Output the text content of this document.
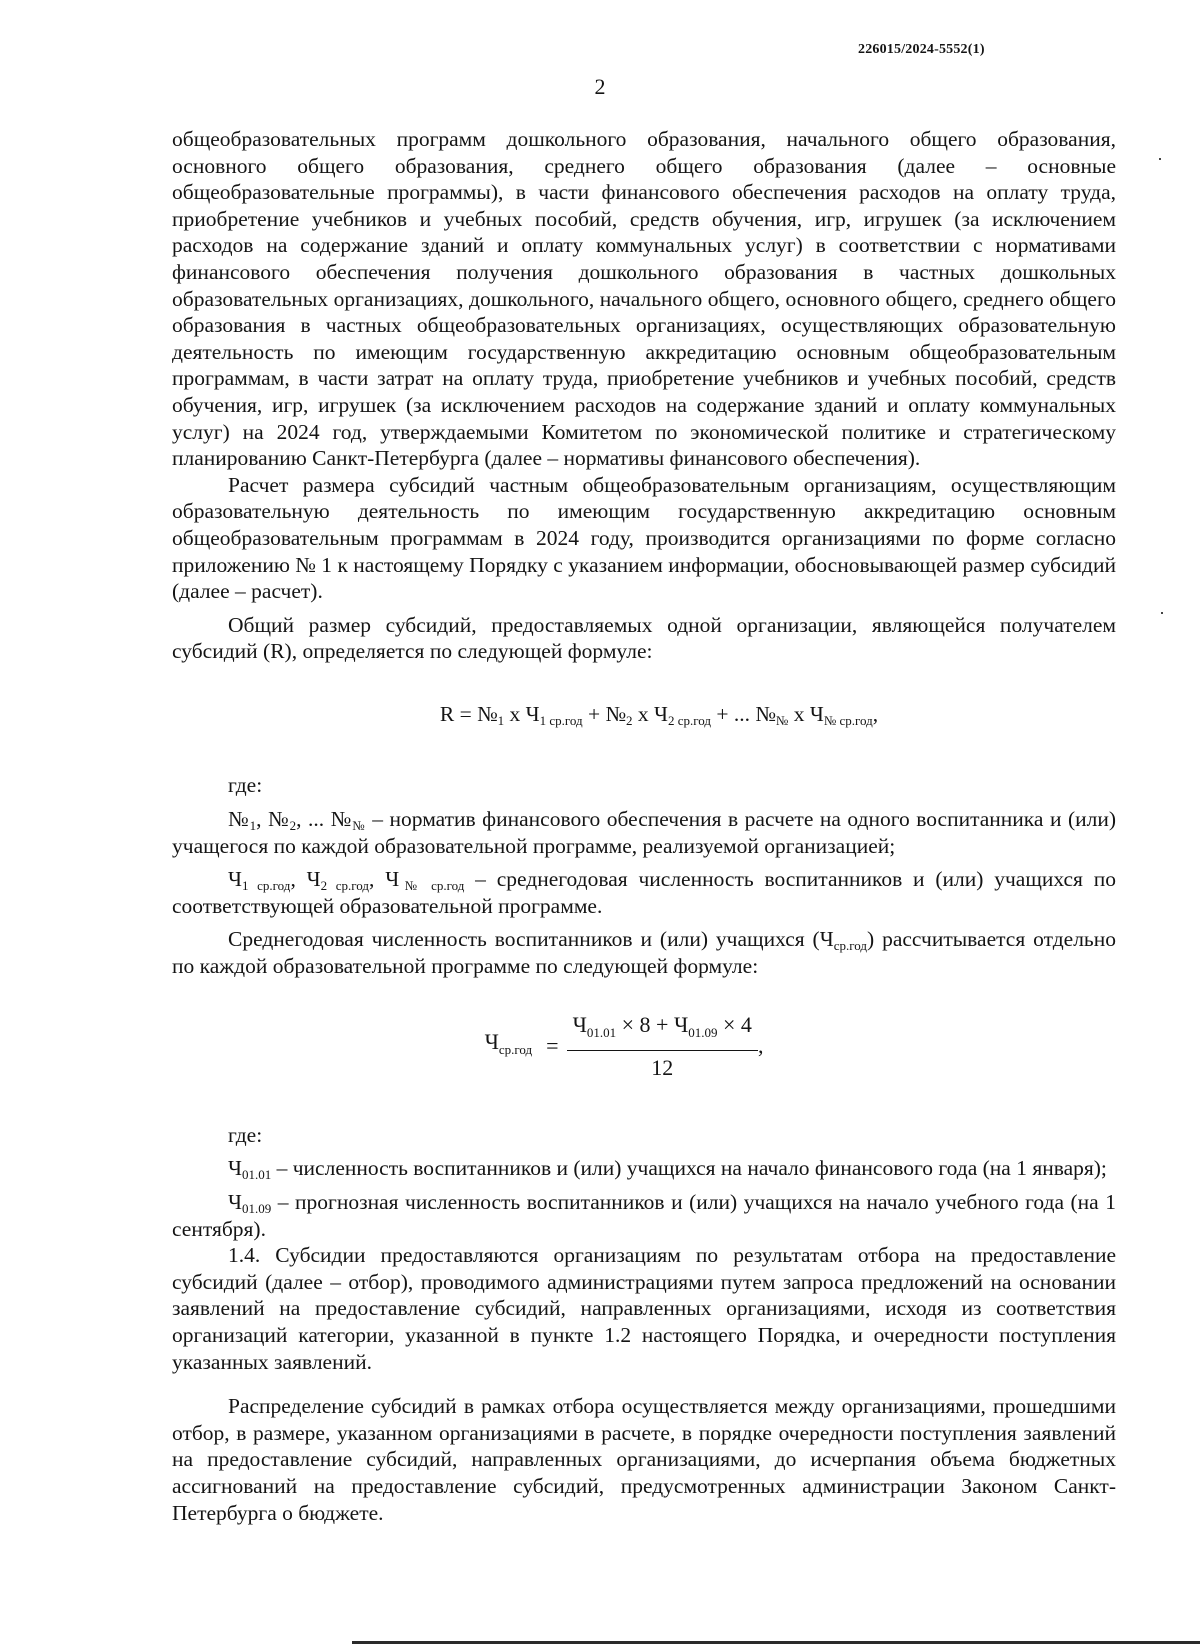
226015/2024-5552(1)
2

общеобразовательных программ дошкольного образования, начального общего образования, основного общего образования, среднего общего образования (далее – основные общеобразовательные программы), в части финансового обеспечения расходов на оплату труда, приобретение учебников и учебных пособий, средств обучения, игр, игрушек (за исключением расходов на содержание зданий и оплату коммунальных услуг) в соответствии с нормативами финансового обеспечения получения дошкольного образования в частных дошкольных образовательных организациях, дошкольного, начального общего, основного общего, среднего общего образования в частных общеобразовательных организациях, осуществляющих образовательную деятельность по имеющим государственную аккредитацию основным общеобразовательным программам, в части затрат на оплату труда, приобретение учебников и учебных пособий, средств обучения, игр, игрушек (за исключением расходов на содержание зданий и оплату коммунальных услуг) на 2024 год, утверждаемыми Комитетом по экономической политике и стратегическому планированию Санкт-Петербурга (далее – нормативы финансового обеспечения).

Расчет размера субсидий частным общеобразовательным организациям, осуществляющим образовательную деятельность по имеющим государственную аккредитацию основным общеобразовательным программам в 2024 году, производится организациями по форме согласно приложению № 1 к настоящему Порядку с указанием информации, обосновывающей размер субсидий (далее – расчет).

Общий размер субсидий, предоставляемых одной организации, являющейся получателем субсидий (R), определяется по следующей формуле:

$R = №_1$ x $Ч_{1 ср.год}$ + $№_2$ x $Ч_{2 ср.год}$ + ... $№_№$ x $Ч_{№ ср.год}$,

где:

$№_1$, $№_2$, ... $№_№$ – норматив финансового обеспечения в расчете на одного воспитанника и (или) учащегося по каждой образовательной программе, реализуемой организацией;

$Ч_{1 ср.год}$, $Ч_{2 ср.год}$, $Ч_{№ ср.год}$ – среднегодовая численность воспитанников и (или) учащихся по соответствующей образовательной программе.

Среднегодовая численность воспитанников и (или) учащихся $(Ч_{ср.год})$ рассчитывается отдельно по каждой образовательной программе по следующей формуле:

$Ч_{ср.год} = \frac{Ч_{01.01} \times 8 + Ч_{01.09} \times 4}{12}$ ,

где:

$Ч_{01.01}$ – численность воспитанников и (или) учащихся на начало финансового года (на 1 января);

$Ч_{01.09}$ – прогнозная численность воспитанников и (или) учащихся на начало учебного года (на 1 сентября).

1.4. Субсидии предоставляются организациям по результатам отбора на предоставление субсидий (далее – отбор), проводимого администрациями путем запроса предложений на основании заявлений на предоставление субсидий, направленных организациями, исходя из соответствия организаций категории, указанной в пункте 1.2 настоящего Порядка, и очередности поступления указанных заявлений.

Распределение субсидий в рамках отбора осуществляется между организациями, прошедшими отбор, в размере, указанном организациями в расчете, в порядке очередности поступления заявлений на предоставление субсидий, направленных организациями, до исчерпания объема бюджетных ассигнований на предоставление субсидий, предусмотренных администрации Законом Санкт-Петербурга о бюджете.
